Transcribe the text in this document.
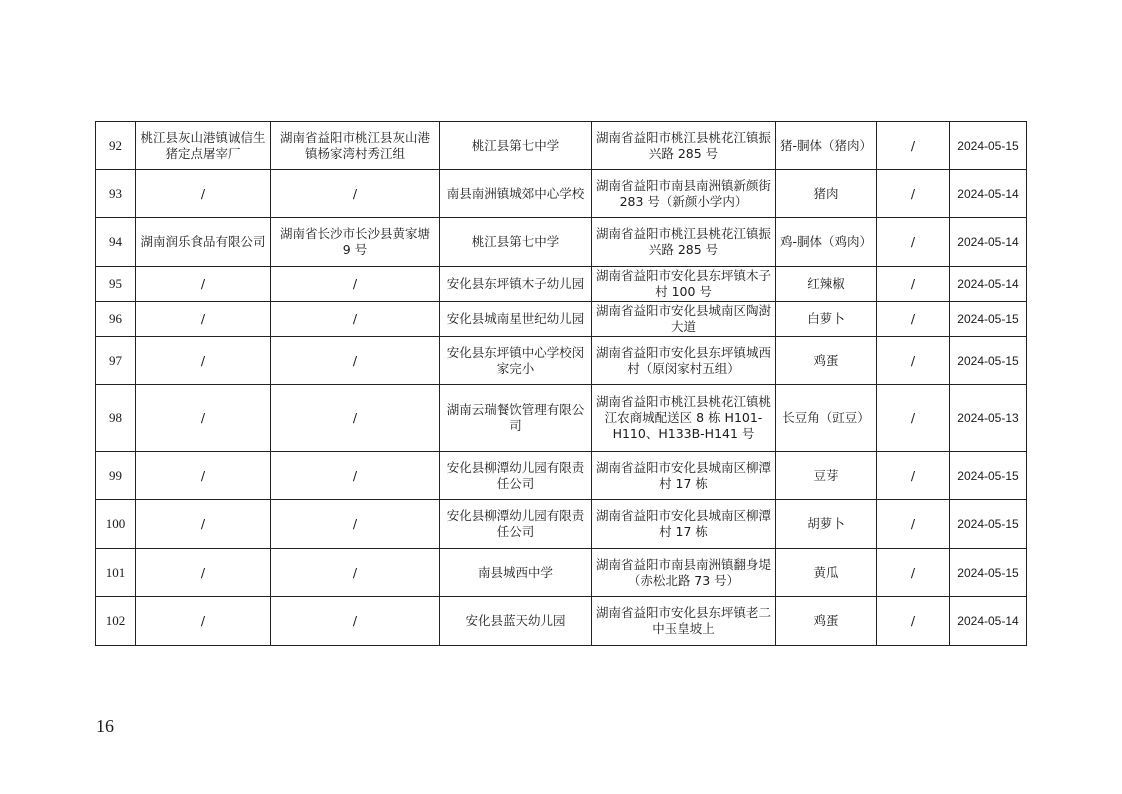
92	桃江县灰山港镇诚信生猪定点屠宰厂	湖南省益阳市桃江县灰山港镇杨家湾村秀江组	桃江县第七中学	湖南省益阳市桃江县桃花江镇振兴路 285 号	猪-胴体（猪肉）	/	2024-05-15
93	/	/	南县南洲镇城郊中心学校	湖南省益阳市南县南洲镇新颜街 283 号（新颜小学内）	猪肉	/	2024-05-14
94	湖南润乐食品有限公司	湖南省长沙市长沙县黄家塘 9 号	桃江县第七中学	湖南省益阳市桃江县桃花江镇振兴路 285 号	鸡-胴体（鸡肉）	/	2024-05-14
95	/	/	安化县东坪镇木子幼儿园	湖南省益阳市安化县东坪镇木子村 100 号	红辣椒	/	2024-05-14
96	/	/	安化县城南星世纪幼儿园	湖南省益阳市安化县城南区陶澍大道	白萝卜	/	2024-05-15
97	/	/	安化县东坪镇中心学校闵家完小	湖南省益阳市安化县东坪镇城西村（原闵家村五组）	鸡蛋	/	2024-05-15
98	/	/	湖南云瑞餐饮管理有限公司	湖南省益阳市桃江县桃花江镇桃江农商城配送区 8 栋 H101-H110、H133B-H141 号	长豆角（豇豆）	/	2024-05-13
99	/	/	安化县柳潭幼儿园有限责任公司	湖南省益阳市安化县城南区柳潭村 17 栋	豆芽	/	2024-05-15
100	/	/	安化县柳潭幼儿园有限责任公司	湖南省益阳市安化县城南区柳潭村 17 栋	胡萝卜	/	2024-05-15
101	/	/	南县城西中学	湖南省益阳市南县南洲镇翻身堤（赤松北路 73 号）	黄瓜	/	2024-05-15
102	/	/	安化县蓝天幼儿园	湖南省益阳市安化县东坪镇老二中玉皇坡上	鸡蛋	/	2024-05-14
16
